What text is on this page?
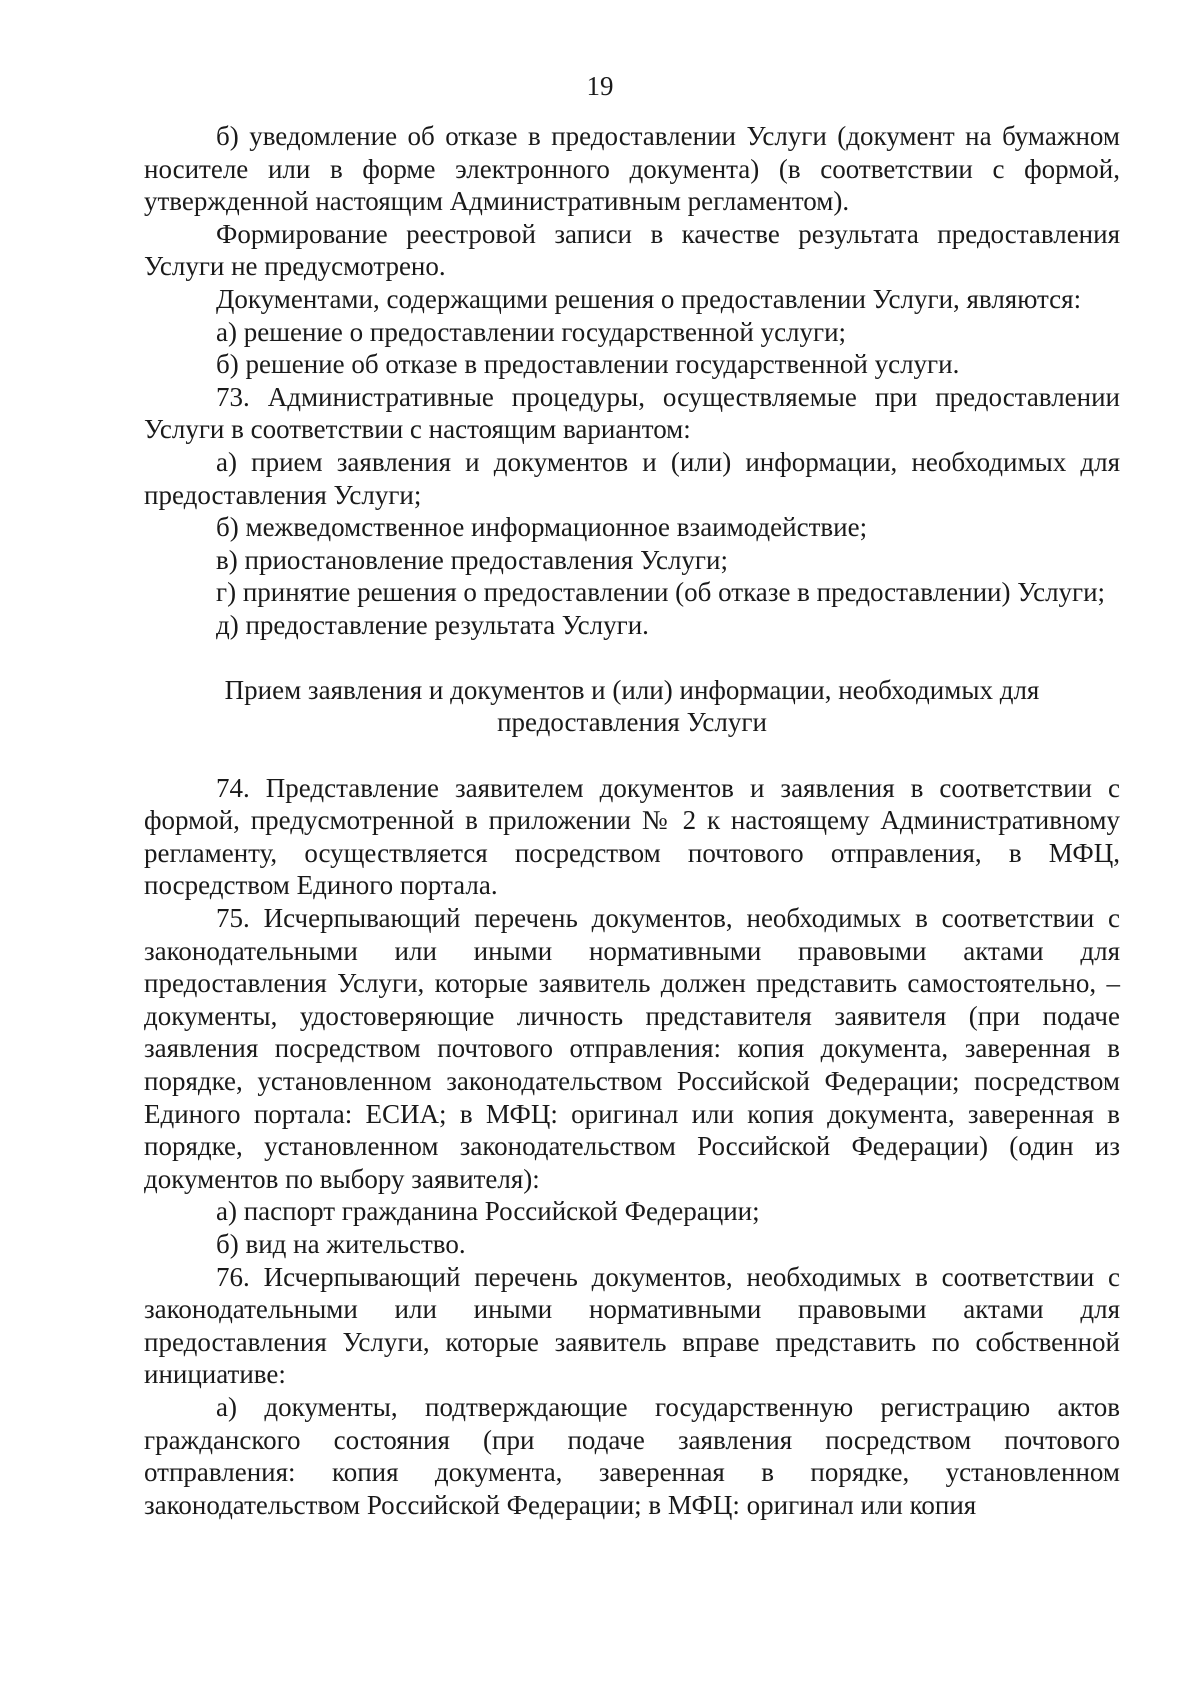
19

б) уведомление об отказе в предоставлении Услуги (документ на бумажном носителе или в форме электронного документа) (в соответствии с формой, утвержденной настоящим Административным регламентом).

Формирование реестровой записи в качестве результата предоставления Услуги не предусмотрено.

Документами, содержащими решения о предоставлении Услуги, являются:

а) решение о предоставлении государственной услуги;

б) решение об отказе в предоставлении государственной услуги.

73. Административные процедуры, осуществляемые при предоставлении Услуги в соответствии с настоящим вариантом:

а) прием заявления и документов и (или) информации, необходимых для предоставления Услуги;

б) межведомственное информационное взаимодействие;

в) приостановление предоставления Услуги;

г) принятие решения о предоставлении (об отказе в предоставлении) Услуги;

д) предоставление результата Услуги.

Прием заявления и документов и (или) информации, необходимых для предоставления Услуги

74. Представление заявителем документов и заявления в соответствии с формой, предусмотренной в приложении № 2 к настоящему Административному регламенту, осуществляется посредством почтового отправления, в МФЦ, посредством Единого портала.

75. Исчерпывающий перечень документов, необходимых в соответствии с законодательными или иными нормативными правовыми актами для предоставления Услуги, которые заявитель должен представить самостоятельно, – документы, удостоверяющие личность представителя заявителя (при подаче заявления посредством почтового отправления: копия документа, заверенная в порядке, установленном законодательством Российской Федерации; посредством Единого портала: ЕСИА; в МФЦ: оригинал или копия документа, заверенная в порядке, установленном законодательством Российской Федерации) (один из документов по выбору заявителя):

а) паспорт гражданина Российской Федерации;

б) вид на жительство.

76. Исчерпывающий перечень документов, необходимых в соответствии с законодательными или иными нормативными правовыми актами для предоставления Услуги, которые заявитель вправе представить по собственной инициативе:

а) документы, подтверждающие государственную регистрацию актов гражданского состояния (при подаче заявления посредством почтового отправления: копия документа, заверенная в порядке, установленном законодательством Российской Федерации; в МФЦ: оригинал или копия
